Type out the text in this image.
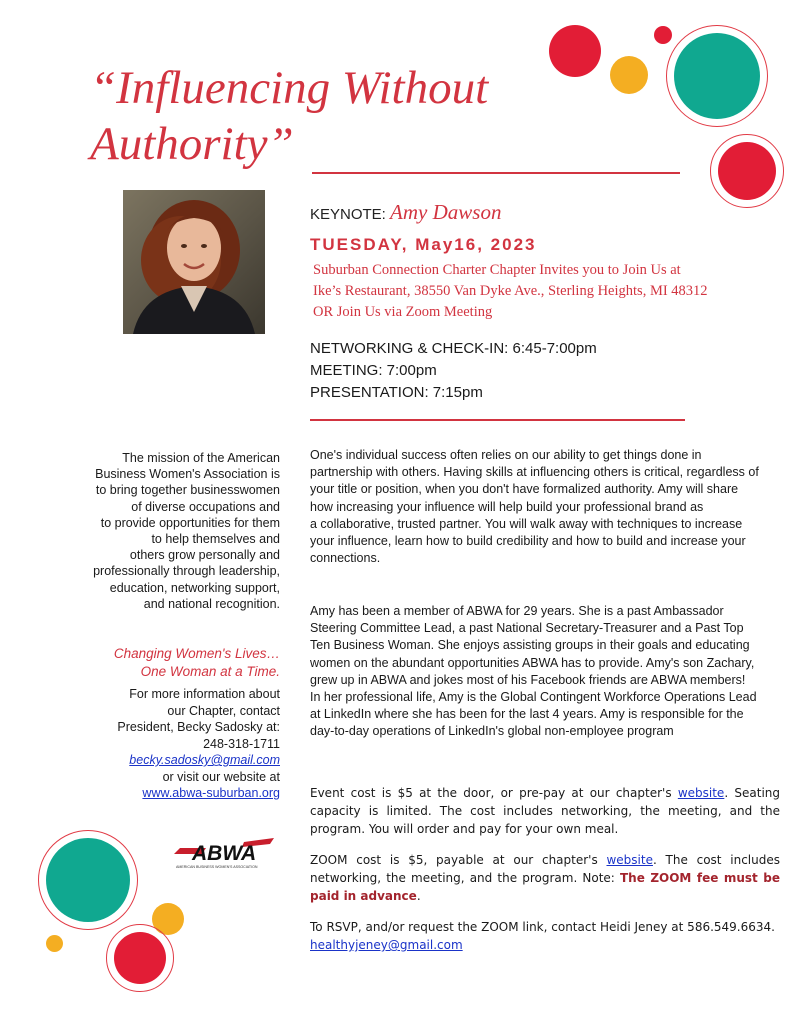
“Influencing Without
Authority”
KEYNOTE: Amy Dawson
TUESDAY, May16, 2023
Suburban Connection Charter Chapter Invites you to Join Us at
Ike’s Restaurant, 38550 Van Dyke Ave., Sterling Heights, MI 48312
OR Join Us via Zoom Meeting
NETWORKING & CHECK-IN: 6:45-7:00pm
MEETING: 7:00pm
PRESENTATION: 7:15pm
The mission of the American
Business Women's Association is
to bring together businesswomen
of diverse occupations and
to provide opportunities for them
to help themselves and
others grow personally and
professionally through leadership,
education, networking support,
and national recognition.
Changing Women's Lives…
One Woman at a Time.
For more information about
our Chapter, contact
President, Becky Sadosky at:
248-318-1711
becky.sadosky@gmail.com
or visit our website at
www.abwa-suburban.org
ABWA
AMERICAN BUSINESS WOMEN'S ASSOCIATION
One's individual success often relies on our ability to get things done in
partnership with others. Having skills at influencing others is critical, regardless of
your title or position, when you don't have formalized authority. Amy will share
how increasing your influence will help build your professional brand as
a collaborative, trusted partner. You will walk away with techniques to increase
your influence, learn how to build credibility and how to build and increase your
connections.
Amy has been a member of ABWA for 29 years. She is a past Ambassador
Steering Committee Lead, a past National Secretary-Treasurer and a Past Top
Ten Business Woman. She enjoys assisting groups in their goals and educating
women on the abundant opportunities ABWA has to provide. Amy's son Zachary,
grew up in ABWA and jokes most of his Facebook friends are ABWA members!
In her professional life, Amy is the Global Contingent Workforce Operations Lead
at LinkedIn where she has been for the last 4 years. Amy is responsible for the
day-to-day operations of LinkedIn's global non-employee program

Event cost is $5 at the door, or pre-pay at our chapter's website. Seating capacity is limited. The cost includes networking, the meeting, and the program. You will order and pay for your own meal.

ZOOM cost is $5, payable at our chapter's website. The cost includes networking, the meeting, and the program. Note: The ZOOM fee must be paid in advance.

To RSVP, and/or request the ZOOM link, contact Heidi Jeney at 586.549.6634.
healthyjeney@gmail.com
